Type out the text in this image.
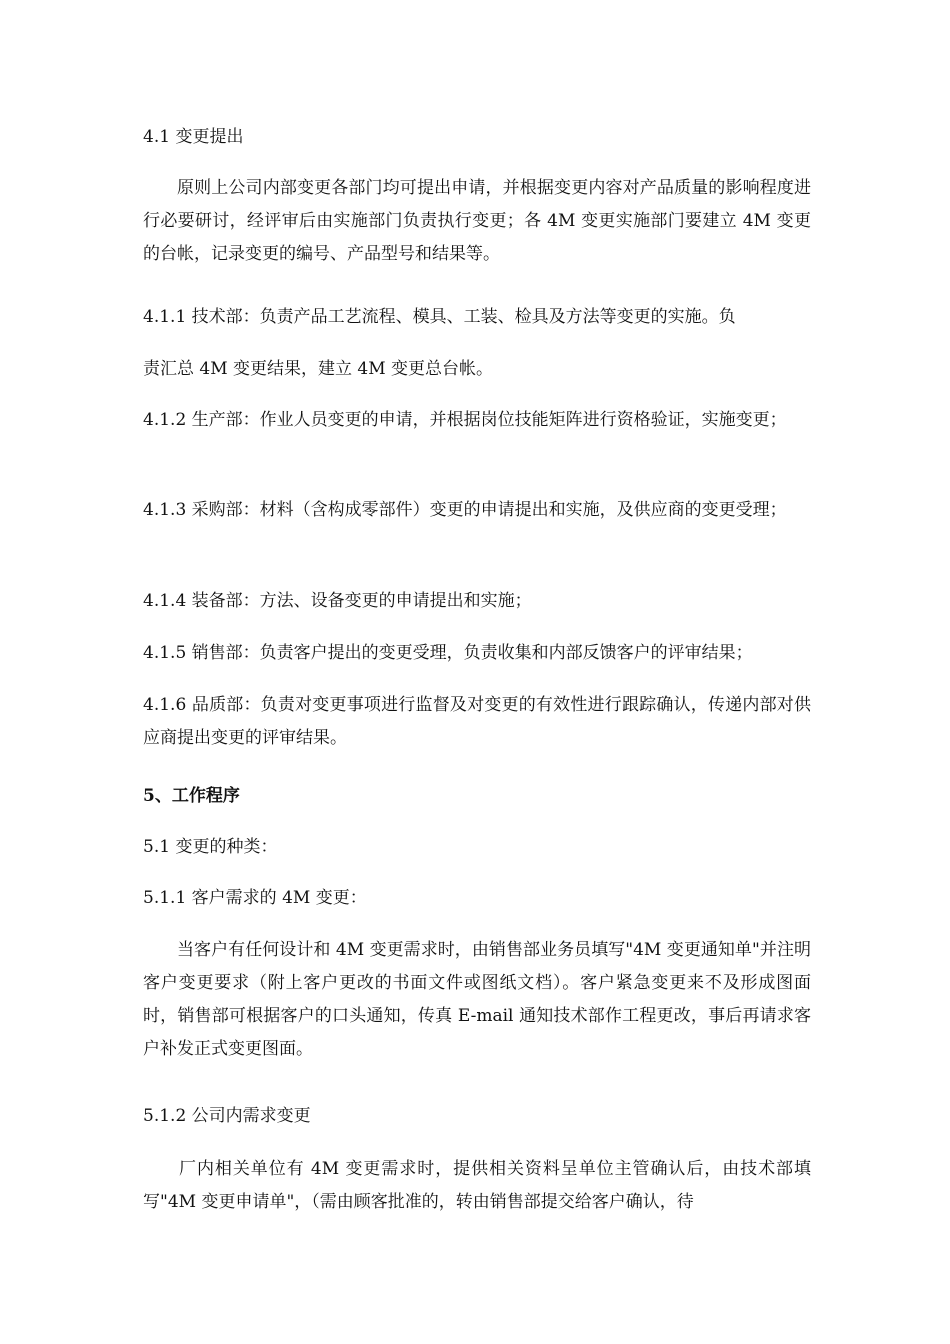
4.1 变更提出

原则上公司内部变更各部门均可提出申请，并根据变更内容对产品质量的影响程度进行必要研讨，经评审后由实施部门负责执行变更；各 4M 变更实施部门要建立 4M 变更的台帐，记录变更的编号、产品型号和结果等。

4.1.1 技术部：负责产品工艺流程、模具、工装、检具及方法等变更的实施。负

责汇总 4M 变更结果，建立 4M 变更总台帐。

4.1.2 生产部：作业人员变更的申请，并根据岗位技能矩阵进行资格验证，实施变更；

4.1.3 采购部：材料（含构成零部件）变更的申请提出和实施，及供应商的变更受理；

4.1.4 装备部：方法、设备变更的申请提出和实施；

4.1.5 销售部：负责客户提出的变更受理，负责收集和内部反馈客户的评审结果；

4.1.6 品质部：负责对变更事项进行监督及对变更的有效性进行跟踪确认，传递内部对供应商提出变更的评审结果。

5、工作程序

5.1 变更的种类：

5.1.1 客户需求的 4M 变更：

当客户有任何设计和 4M 变更需求时，由销售部业务员填写"4M 变更通知单"并注明客户变更要求（附上客户更改的书面文件或图纸文档）。客户紧急变更来不及形成图面时，销售部可根据客户的口头通知，传真 E-mail 通知技术部作工程更改，事后再请求客户补发正式变更图面。

5.1.2 公司内需求变更

厂内相关单位有 4M 变更需求时，提供相关资料呈单位主管确认后，由技术部填写"4M 变更申请单"，（需由顾客批准的，转由销售部提交给客户确认，待
